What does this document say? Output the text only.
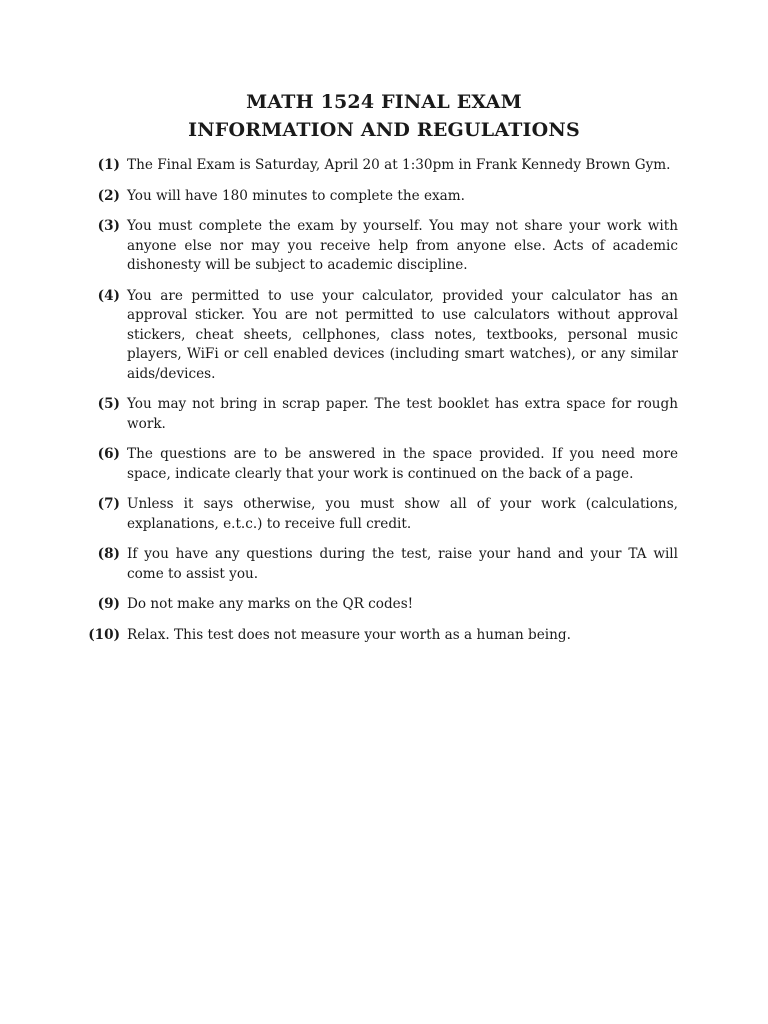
MATH 1524 FINAL EXAM

INFORMATION AND REGULATIONS

(1) The Final Exam is Saturday, April 20 at 1:30pm in Frank Kennedy Brown Gym.
(2) You will have 180 minutes to complete the exam.
(3) You must complete the exam by yourself. You may not share your work with anyone else nor may you receive help from anyone else. Acts of academic dishonesty will be subject to academic discipline.
(4) You are permitted to use your calculator, provided your calculator has an approval sticker. You are not permitted to use calculators without approval stickers, cheat sheets, cellphones, class notes, textbooks, personal music players, WiFi or cell enabled devices (including smart watches), or any similar aids/devices.
(5) You may not bring in scrap paper. The test booklet has extra space for rough work.
(6) The questions are to be answered in the space provided. If you need more space, indicate clearly that your work is continued on the back of a page.
(7) Unless it says otherwise, you must show all of your work (calculations, explanations, e.t.c.) to receive full credit.
(8) If you have any questions during the test, raise your hand and your TA will come to assist you.
(9) Do not make any marks on the QR codes!
(10) Relax. This test does not measure your worth as a human being.
